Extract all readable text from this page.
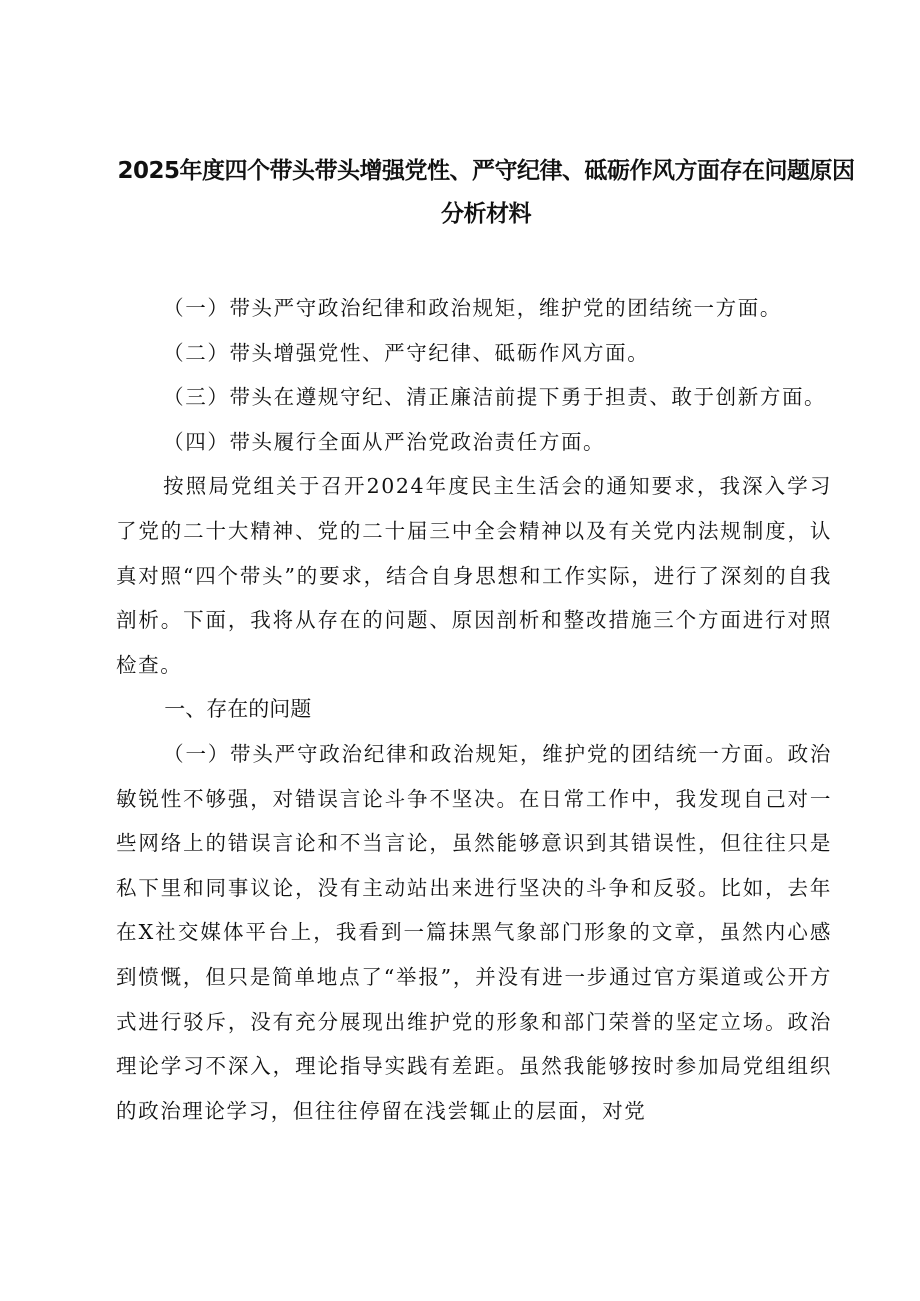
2025年度四个带头带头增强党性、严守纪律、砥砺作风方面存在问题原因分析材料

（一）带头严守政治纪律和政治规矩，维护党的团结统一方面。

（二）带头增强党性、严守纪律、砥砺作风方面。

（三）带头在遵规守纪、清正廉洁前提下勇于担责、敢于创新方面。

（四）带头履行全面从严治党政治责任方面。

按照局党组关于召开2024年度民主生活会的通知要求，我深入学习了党的二十大精神、党的二十届三中全会精神以及有关党内法规制度，认真对照“四个带头”的要求，结合自身思想和工作实际，进行了深刻的自我剖析。下面，我将从存在的问题、原因剖析和整改措施三个方面进行对照检查。

一、存在的问题

（一）带头严守政治纪律和政治规矩，维护党的团结统一方面。政治敏锐性不够强，对错误言论斗争不坚决。在日常工作中，我发现自己对一些网络上的错误言论和不当言论，虽然能够意识到其错误性，但往往只是私下里和同事议论，没有主动站出来进行坚决的斗争和反驳。比如，去年在X社交媒体平台上，我看到一篇抹黑气象部门形象的文章，虽然内心感到愤慨，但只是简单地点了“举报”，并没有进一步通过官方渠道或公开方式进行驳斥，没有充分展现出维护党的形象和部门荣誉的坚定立场。政治理论学习不深入，理论指导实践有差距。虽然我能够按时参加局党组组织的政治理论学习，但往往停留在浅尝辄止的层面，对党
